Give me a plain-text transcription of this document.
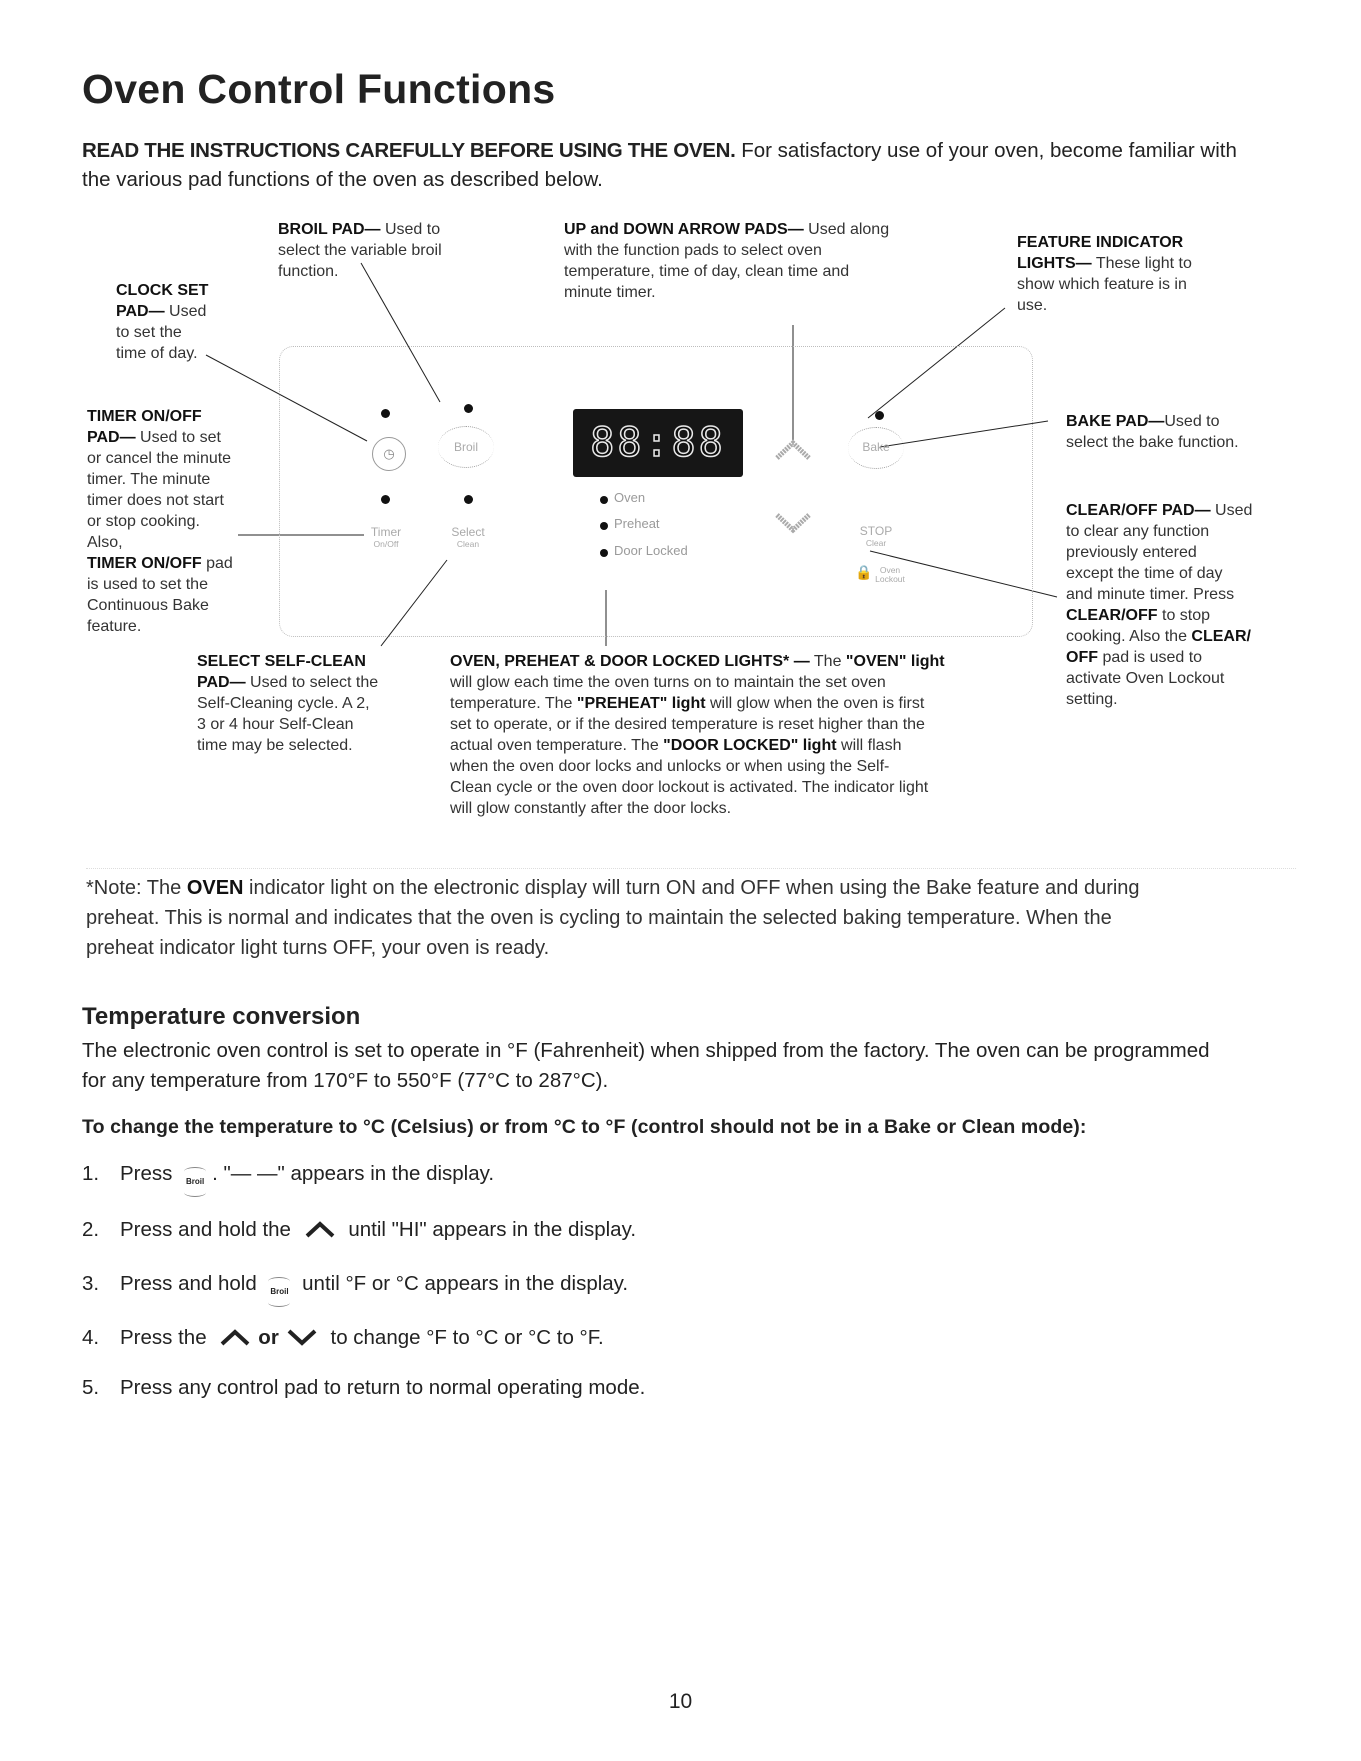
Oven Control Functions
READ THE INSTRUCTIONS CAREFULLY BEFORE USING THE OVEN. For satisfactory use of your oven, become familiar with
the various pad functions of the oven as described below.
◷	Broil
Timer
On/Off
Select
Clean
88:88
Oven
Preheat
Door Locked
Bake
STOP
Clear
🔒 Oven
Lockout
CLOCK SET
PAD— Used
to set the
time of day.
BROIL PAD— Used to
select the variable broil
function.
UP and DOWN ARROW PADS— Used along
with the function pads to select oven
temperature, time of day, clean time and
minute timer.
FEATURE INDICATOR
LIGHTS— These light to
show which feature is in
use.
TIMER ON/OFF
PAD— Used to set
or cancel the minute
timer. The minute
timer does not start
or stop cooking.
Also,
TIMER ON/OFF pad
is used to set the
Continuous Bake
feature.
BAKE PAD—Used to
select the bake function.
CLEAR/OFF PAD— Used
to clear any function
previously entered
except the time of day
and minute timer. Press
CLEAR/OFF to stop
cooking. Also the CLEAR/
OFF pad is used to
activate Oven Lockout
setting.
SELECT SELF-CLEAN
PAD— Used to select the
Self-Cleaning cycle. A 2,
3 or 4 hour Self-Clean
time may be selected.
OVEN, PREHEAT & DOOR LOCKED LIGHTS* — The "OVEN" light
will glow each time the oven turns on to maintain the set oven
temperature. The "PREHEAT" light will glow when the oven is first
set to operate, or if the desired temperature is reset higher than the
actual oven temperature. The "DOOR LOCKED" light will flash
when the oven door locks and unlocks or when using the Self-
Clean cycle or the oven door lockout is activated. The indicator light
will glow constantly after the door locks.
*Note: The OVEN indicator light on the electronic display will turn ON and OFF when using the Bake feature and during
preheat. This is normal and indicates that the oven is cycling to maintain the selected baking temperature. When the
preheat indicator light turns OFF, your oven is ready.
Temperature conversion
The electronic oven control is set to operate in °F (Fahrenheit) when shipped from the factory. The oven can be programmed
for any temperature from 170°F to 550°F (77°C to 287°C).
To change the temperature to °C (Celsius) or from °C to °F (control should not be in a Bake or Clean mode):
1. Press Broil . "— —" appears in the display.
2. Press and hold the  until "HI" appears in the display.
3. Press and hold Broil until °F or °C appears in the display.
4. Press the or to change °F to °C or °C to °F.
5. Press any control pad to return to normal operating mode.
10
